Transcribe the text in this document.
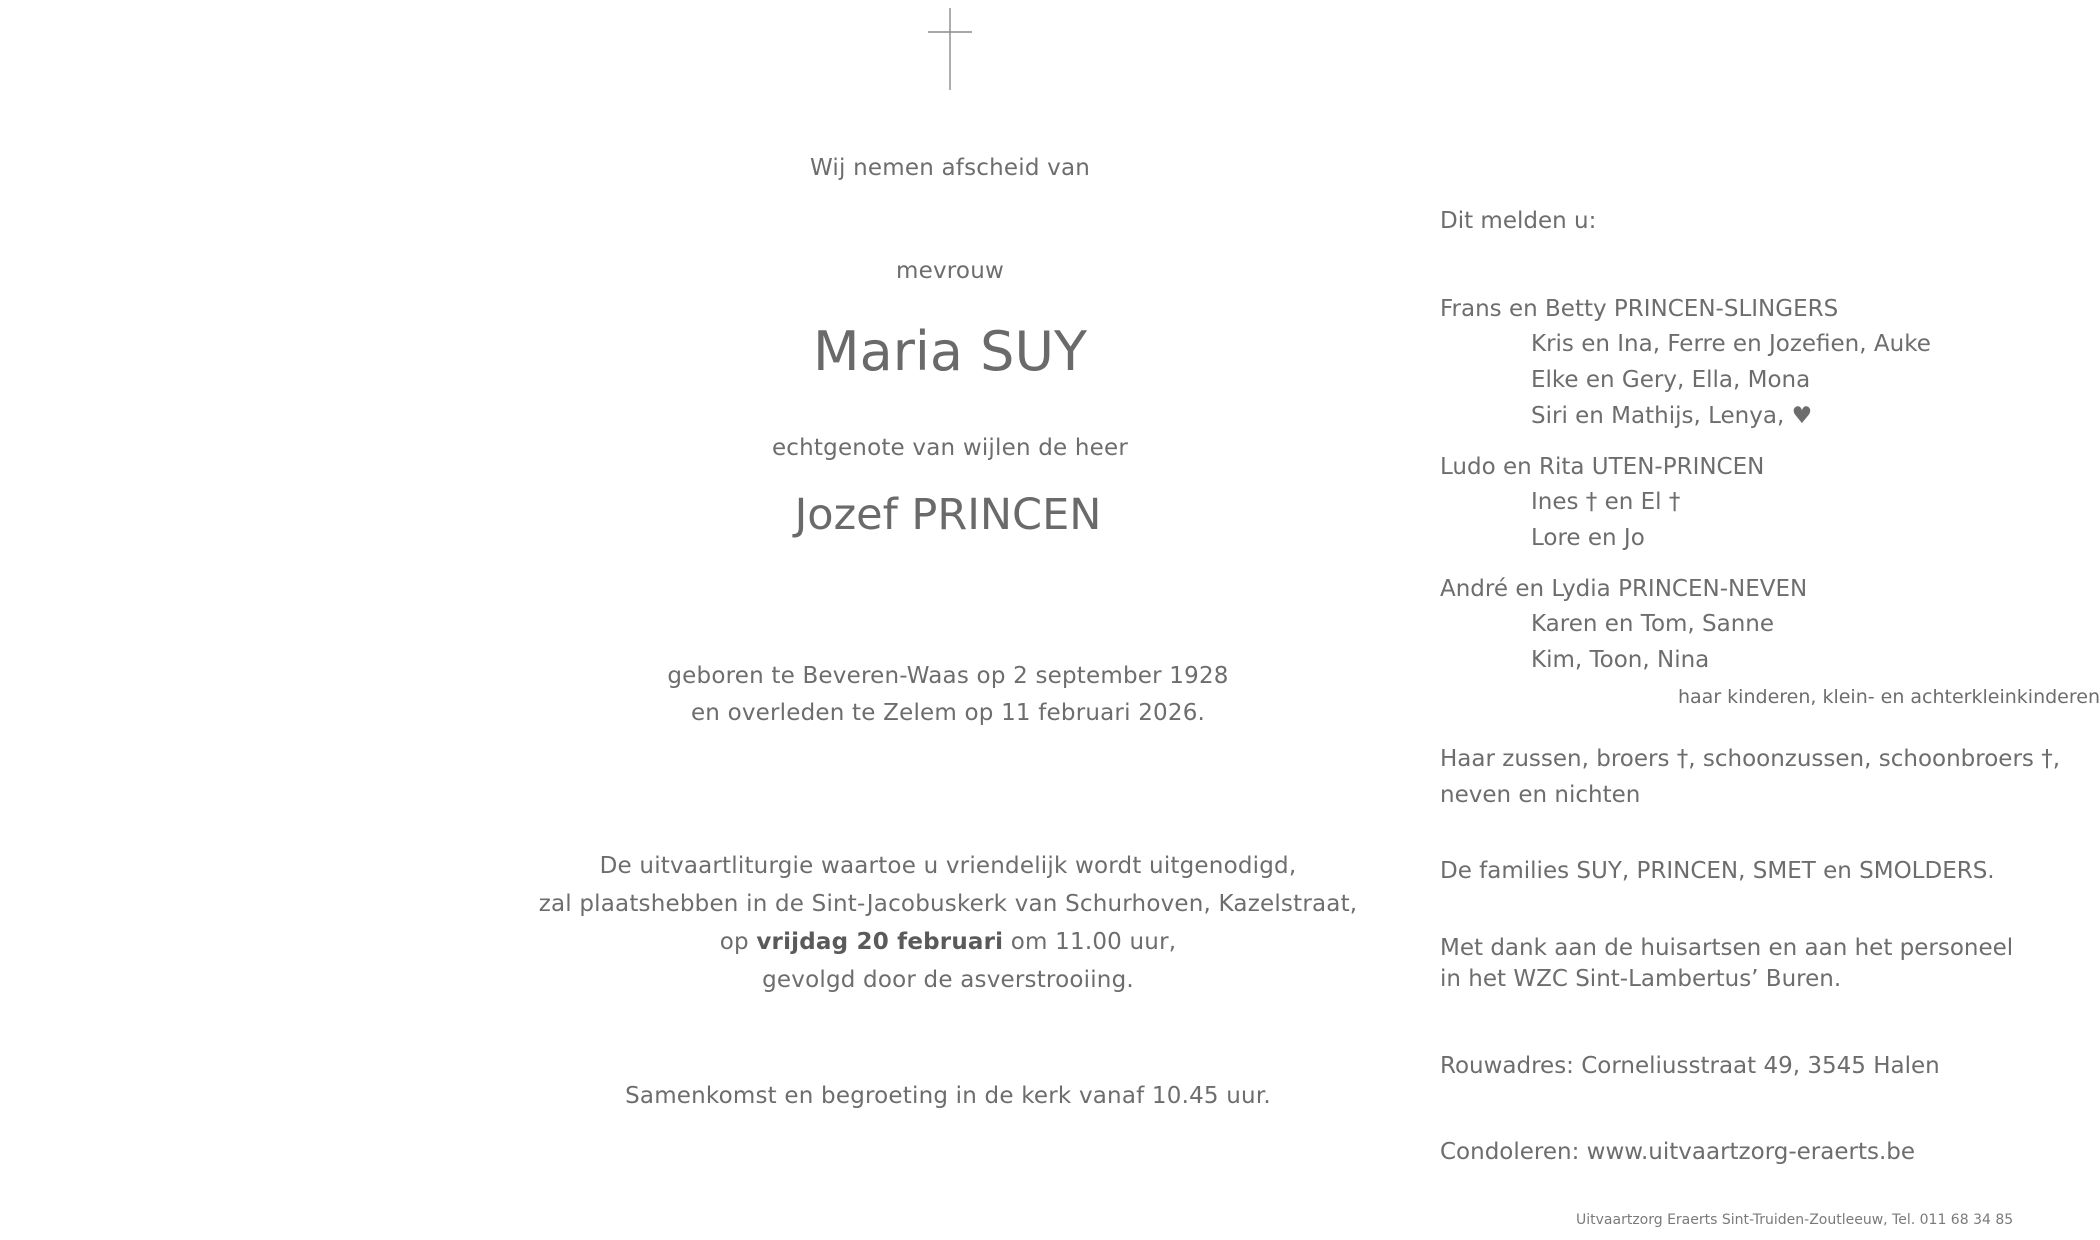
Wij nemen afscheid van
mevrouw
Maria SUY
echtgenote van wijlen de heer
Jozef PRINCEN
geboren te Beveren-Waas op 2 september 1928
en overleden te Zelem op 11 februari 2026.
De uitvaartliturgie waartoe u vriendelijk wordt uitgenodigd,
zal plaatshebben in de Sint-Jacobuskerk van Schurhoven, Kazelstraat,
op vrijdag 20 februari om 11.00 uur,
gevolgd door de asverstrooiing.
Samenkomst en begroeting in de kerk vanaf 10.45 uur.
Dit melden u:
Frans en Betty PRINCEN-SLINGERS
Kris en Ina, Ferre en Jozefien, Auke
Elke en Gery, Ella, Mona
Siri en Mathijs, Lenya, ♥
Ludo en Rita UTEN-PRINCEN
Ines † en El †
Lore en Jo
André en Lydia PRINCEN-NEVEN
Karen en Tom, Sanne
Kim, Toon, Nina
haar kinderen, klein- en achterkleinkinderen
Haar zussen, broers †, schoonzussen, schoonbroers †,
neven en nichten
De families SUY, PRINCEN, SMET en SMOLDERS.
Met dank aan de huisartsen en aan het personeel
in het WZC Sint-Lambertus’ Buren.
Rouwadres: Corneliusstraat 49, 3545 Halen
Condoleren: www.uitvaartzorg-eraerts.be
Uitvaartzorg Eraerts Sint-Truiden-Zoutleeuw, Tel. 011 68 34 85
